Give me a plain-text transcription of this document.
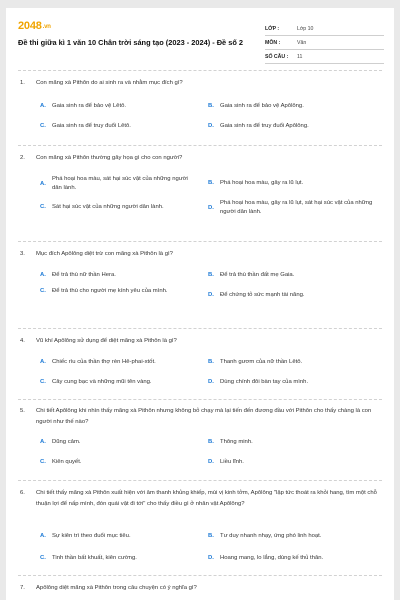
2048.vn
Đề thi giữa kì 1 văn 10 Chân trời sáng tạo (2023 - 2024) - Đề số 2
LỚP :	Lớp 10
MÔN :	Văn
SỐ CÂU : 11
1. Con mãng xà Pithôn do ai sinh ra và nhằm mục đích gì?
A.	Gaia sinh ra để bảo vệ Lêtô.	B.	Gaia sinh ra để bảo vệ Apôlông.
C.	Gaia sinh ra để truy đuổi Lêtô.	D.	Gaia sinh ra để truy đuổi Apôlông.
2. Con mãng xà Pithôn thường gây họa gì cho con người?
A.
Phá hoại hoa màu, sát hại súc vật của những người dân lành.
B.	Phá hoại hoa màu, gây ra lũ lụt.
C.	Sát hại súc vật của những người dân lành.	D.
Phá hoại hoa màu, gây ra lũ lụt, sát hại súc vật của những người dân lành.
3. Mục đích Apôlông diệt trừ con mãng xà Pithôn là gì?
A.	Để trả thù nữ thần Hera.	B.	Để trả thù thần đất mẹ Gaia.
C.	Để trả thù cho người mẹ kính yêu của mình.
D.	Để chứng tỏ sức mạnh tài năng.
4. Vũ khí Apôlông sử dụng để diệt mãng xà Pithôn là gì?
A.	Chiếc rìu của thần thợ rèn Hê-phai-xtốt.	B.	Thanh gươm của nữ thần Lêtô.
C.	Cây cung bạc và những mũi tên vàng.	D.	Dùng chính đôi bàn tay của mình.
5. Chi tiết Apôlông khi nhìn thấy mãng xà Pithôn nhưng không bỏ chạy mà lại tiến đến đương đầu với Pithôn cho thấy chàng là con người như thế nào?
A.	Dũng cảm.	B.	Thông minh.
C.	Kiên quyết.	D.	Liều lĩnh.
6. Chi tiết thấy mãng xà Pithôn xuất hiện với âm thanh khủng khiếp, mùi vị kinh tởm, Apôlông "lập tức thoát ra khỏi hang, tìm một chỗ thuận lợi để nấp mình, đón quái vật đi tới" cho thấy điều gì ở nhân vật Apôlông?
A.	Sự kiên trì theo đuổi mục tiêu.	B.	Tư duy nhanh nhạy, ứng phó linh hoạt.
C.	Tinh thần bất khuất, kiên cường.	D.	Hoang mang, lo lắng, dùng kế thủ thân.
7. Apôlông diệt mãng xà Pithôn trong câu chuyện có ý nghĩa gì?
